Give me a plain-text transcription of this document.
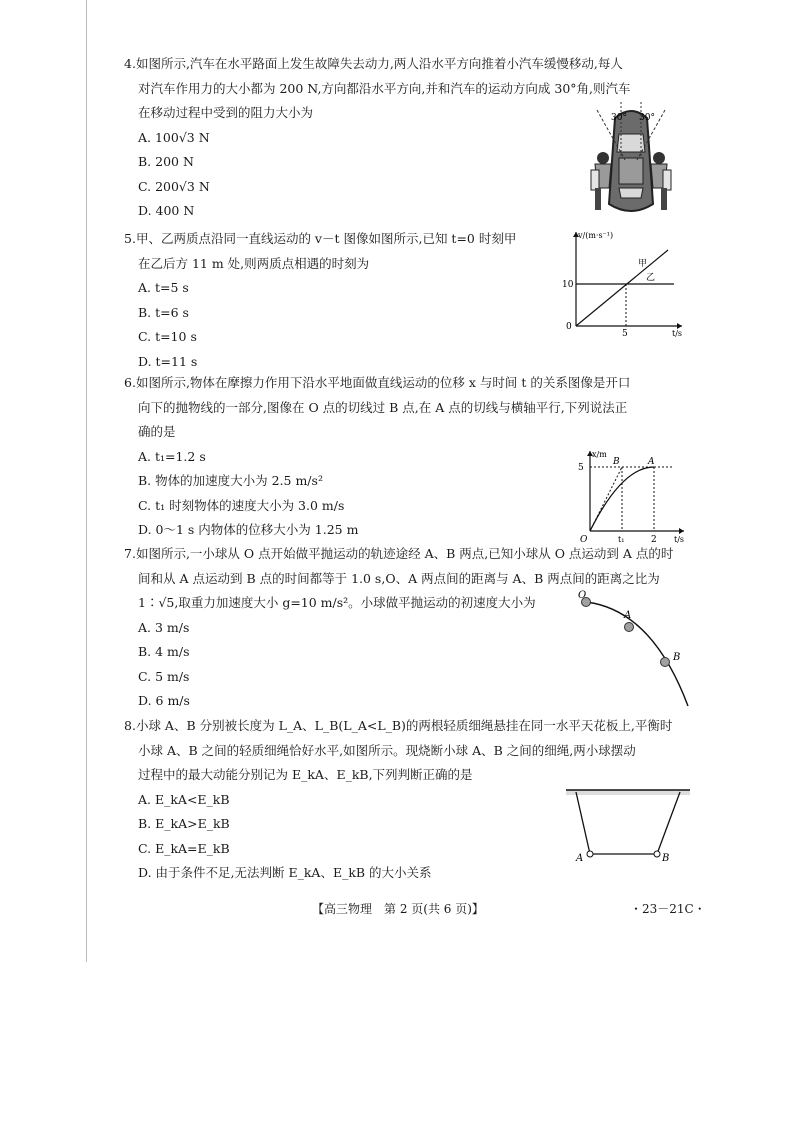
4.如图所示,汽车在水平路面上发生故障失去动力,两人沿水平方向推着小汽车缓慢移动,每人

对汽车作用力的大小都为 200 N,方向都沿水平方向,并和汽车的运动方向成 30°角,则汽车

在移动过程中受到的阻力大小为

A. 100√3 N

B. 200 N

C. 200√3 N

D. 400 N

30° 30°

5.甲、乙两质点沿同一直线运动的 v－t 图像如图所示,已知 t=0 时刻甲

在乙后方 11 m 处,则两质点相遇的时刻为

A. t=5 s

B. t=6 s

C. t=10 s

D. t=11 s

v/(m·s⁻¹)
t/s
10
5
0
甲
乙

6.如图所示,物体在摩擦力作用下沿水平地面做直线运动的位移 x 与时间 t 的关系图像是开口

向下的抛物线的一部分,图像在 O 点的切线过 B 点,在 A 点的切线与横轴平行,下列说法正

确的是

A. t₁=1.2 s

B. 物体的加速度大小为 2.5 m/s²

C. t₁ 时刻物体的速度大小为 3.0 m/s

D. 0～1 s 内物体的位移大小为 1.25 m

x/m
t/s
5
t₁	2
O
B	A

7.如图所示,一小球从 O 点开始做平抛运动的轨迹途经 A、B 两点,已知小球从 O 点运动到 A 点的时

间和从 A 点运动到 B 点的时间都等于 1.0 s,O、A 两点间的距离与 A、B 两点间的距离之比为

1∶√5,取重力加速度大小 g=10 m/s²。小球做平抛运动的初速度大小为

A. 3 m/s

B. 4 m/s

C. 5 m/s

D. 6 m/s

O
A
B

8.小球 A、B 分别被长度为 L_A、L_B(L_A<L_B)的两根轻质细绳悬挂在同一水平天花板上,平衡时

小球 A、B 之间的轻质细绳恰好水平,如图所示。现烧断小球 A、B 之间的细绳,两小球摆动

过程中的最大动能分别记为 E_kA、E_kB,下列判断正确的是

A. E_kA<E_kB

B. E_kA>E_kB

C. E_kA=E_kB

D. 由于条件不足,无法判断 E_kA、E_kB 的大小关系

A	B
【高三物理　第 2 页(共 6 页)】	・23－21C・
